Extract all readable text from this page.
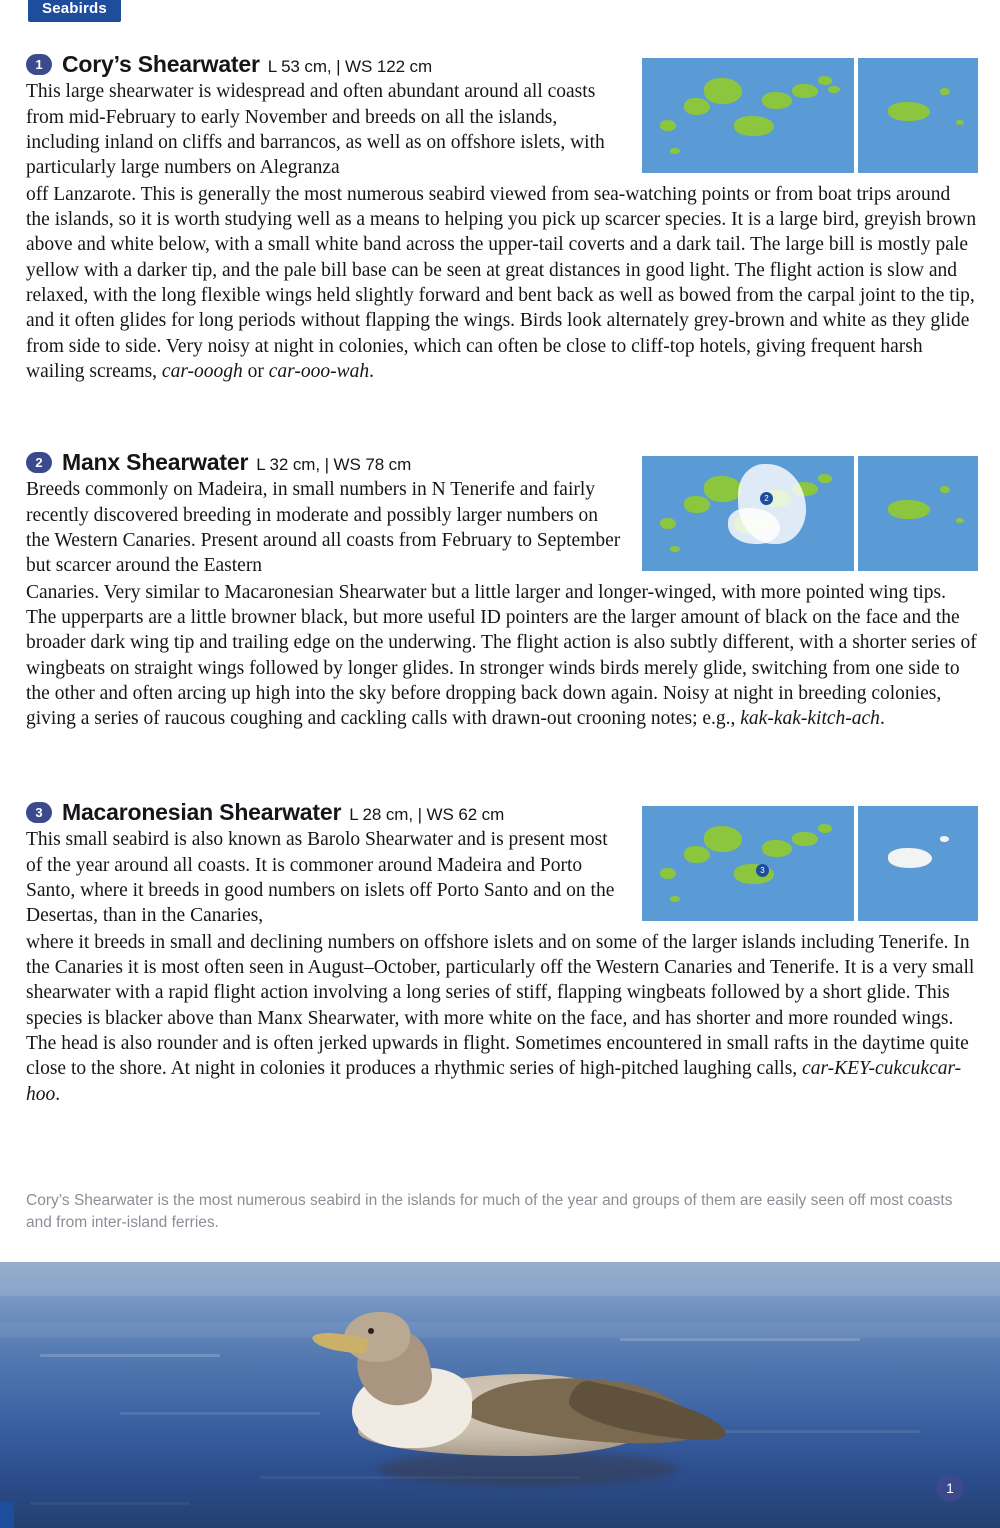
Seabirds

1 Cory’s Shearwater L 53 cm, | WS 122 cm

This large shearwater is widespread and often abundant around all coasts from mid-February to early November and breeds on all the islands, including inland on cliffs and barrancos, as well as on offshore islets, with particularly large numbers on Alegranza

off Lanzarote. This is generally the most numerous seabird viewed from sea-watching points or from boat trips around the islands, so it is worth studying well as a means to helping you pick up scarcer species. It is a large bird, greyish brown above and white below, with a small white band across the upper-tail coverts and a dark tail. The large bill is mostly pale yellow with a darker tip, and the pale bill base can be seen at great distances in good light. The flight action is slow and relaxed, with the long flexible wings held slightly forward and bent back as well as bowed from the carpal joint to the tip, and it often glides for long periods without flapping the wings. Birds look alternately grey-brown and white as they glide from side to side. Very noisy at night in colonies, which can often be close to cliff-top hotels, giving frequent harsh wailing screams, car-ooogh or car-ooo-wah.

2

2 Manx Shearwater L 32 cm, | WS 78 cm

Breeds commonly on Madeira, in small numbers in N Tenerife and fairly recently discovered breeding in moderate and possibly larger numbers on the Western Canaries. Present around all coasts from February to September but scarcer around the Eastern

Canaries. Very similar to Macaronesian Shearwater but a little larger and longer-winged, with more pointed wing tips. The upperparts are a little browner black, but more useful ID pointers are the larger amount of black on the face and the broader dark wing tip and trailing edge on the underwing. The flight action is also subtly different, with a shorter series of wingbeats on straight wings followed by longer glides. In stronger winds birds merely glide, switching from one side to the other and often arcing up high into the sky before dropping back down again. Noisy at night in breeding colonies, giving a series of raucous coughing and cackling calls with drawn-out crooning notes; e.g., kak-kak-kitch-ach.

3

3 Macaronesian Shearwater L 28 cm, | WS 62 cm

This small seabird is also known as Barolo Shearwater and is present most of the year around all coasts. It is commoner around Madeira and Porto Santo, where it breeds in good numbers on islets off Porto Santo and on the Desertas, than in the Canaries,

where it breeds in small and declining numbers on offshore islets and on some of the larger islands including Tenerife. In the Canaries it is most often seen in August–October, particularly off the Western Canaries and Tenerife. It is a very small shearwater with a rapid flight action involving a long series of stiff, flapping wingbeats followed by a short glide. This species is blacker above than Manx Shearwater, with more white on the face, and has shorter and more rounded wings. The head is also rounder and is often jerked upwards in flight. Sometimes encountered in small rafts in the daytime quite close to the shore. At night in colonies it produces a rhythmic series of high-pitched laughing calls, car-KEY-cukcukcar-hoo.

Cory’s Shearwater is the most numerous seabird in the islands for much of the year and groups of them are easily seen off most coasts and from inter-island ferries.
1
